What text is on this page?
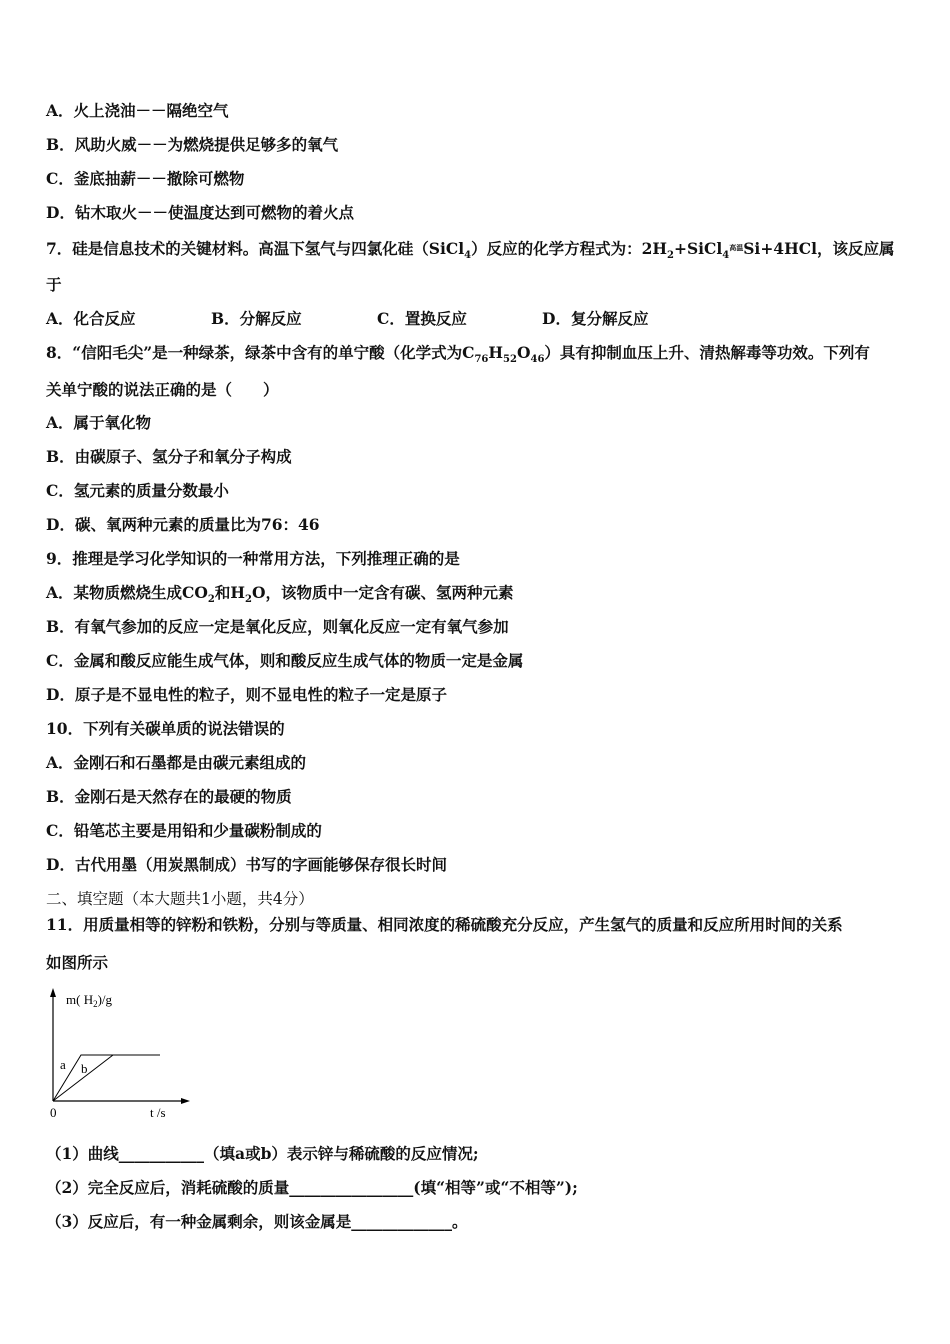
A．火上浇油－－隔绝空气
B．风助火威－－为燃烧提供足够多的氧气
C．釜底抽薪－－撤除可燃物
D．钻木取火－－使温度达到可燃物的着火点
7．硅是信息技术的关键材料。高温下氢气与四氯化硅（SiCl$_4$）反应的化学方程式为：$2H_2+SiCl_4^{高温}Si+4HCl$，该反应属
于
A．化合反应	B．分解反应	C．置换反应	D．复分解反应
8．“信阳毛尖”是一种绿茶，绿茶中含有的单宁酸（化学式为$C_{76}H_{52}O_{46}$）具有抑制血压上升、清热解毒等功效。下列有
关单宁酸的说法正确的是（　　）
A．属于氧化物
B．由碳原子、氢分子和氧分子构成
C．氢元素的质量分数最小
D．碳、氧两种元素的质量比为76：46
9．推理是学习化学知识的一种常用方法，下列推理正确的是
A．某物质燃烧生成$CO_2$和$H_2O$，该物质中一定含有碳、氢两种元素
B．有氧气参加的反应一定是氧化反应，则氧化反应一定有氧气参加
C．金属和酸反应能生成气体，则和酸反应生成气体的物质一定是金属
D．原子是不显电性的粒子，则不显电性的粒子一定是原子
10．下列有关碳单质的说法错误的
A．金刚石和石墨都是由碳元素组成的
B．金刚石是天然存在的最硬的物质
C．铅笔芯主要是用铅和少量碳粉制成的
D．古代用墨（用炭黑制成）书写的字画能够保存很长时间
二、填空题（本大题共1小题，共4分）
11．用质量相等的锌粉和铁粉，分别与等质量、相同浓度的稀硫酸充分反应，产生氢气的质量和反应所用时间的关系
如图所示
m( $H_2)/g$
a b
0	t /s
（1）曲线___________（填a或b）表示锌与稀硫酸的反应情况;
（2）完全反应后，消耗硫酸的质量________________(填“相等”或“不相等”);
（3）反应后，有一种金属剩余，则该金属是_____________。
